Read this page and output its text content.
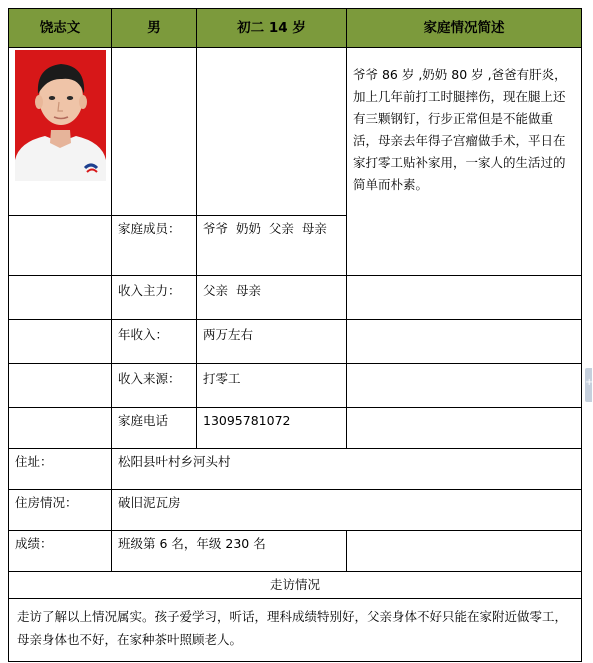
饶志文	男	初二 14 岁	家庭情况简述

			爷爷 86 岁 ,奶奶 80 岁 ,爸爸有肝炎，加上几年前打工时腿摔伤，现在腿上还有三颗钢钉，行步正常但是不能做重活，母亲去年得子宫瘤做手术，平日在家打零工贴补家用，一家人的生活过的简单而朴素。
	家庭成员：	爷爷  奶奶  父亲  母亲	
	收入主力：	父亲  母亲	
	年收入：	两万左右	
	收入来源：	打零工	
	家庭电话	13095781072	
住址：	松阳县叶村乡河头村		
住房情况：	破旧泥瓦房		
成绩：	班级第 6 名，年级 230 名		
走访情况			
走访了解以上情况属实。孩子爱学习，听话，理科成绩特别好，父亲身体不好只能在家附近做零工，母亲身体也不好，在家种茶叶照顾老人。			
+
